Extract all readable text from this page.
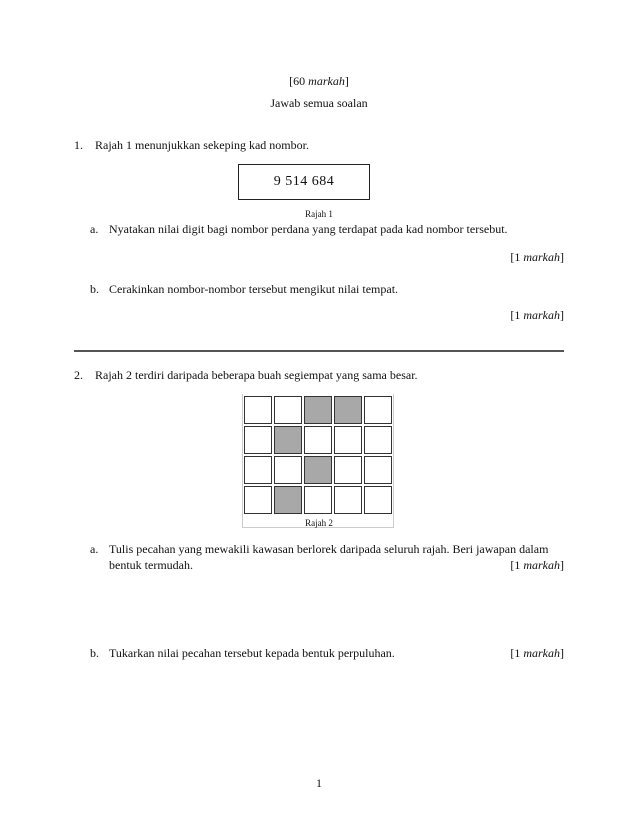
[60 markah]
Jawab semua soalan
1. Rajah 1 menunjukkan sekeping kad nombor.
9 514 684
Rajah 1
a. Nyatakan nilai digit bagi nombor perdana yang terdapat pada kad nombor tersebut.
[1 markah]
b. Cerakinkan nombor-nombor tersebut mengikut nilai tempat.
[1 markah]
2. Rajah 2 terdiri daripada beberapa buah segiempat yang sama besar.
Rajah 2
a. Tulis pecahan yang mewakili kawasan berlorek daripada seluruh rajah. Beri jawapan dalam
bentuk termudah.	[1 markah]
b. Tukarkan nilai pecahan tersebut kepada bentuk perpuluhan.	[1 markah]
1
